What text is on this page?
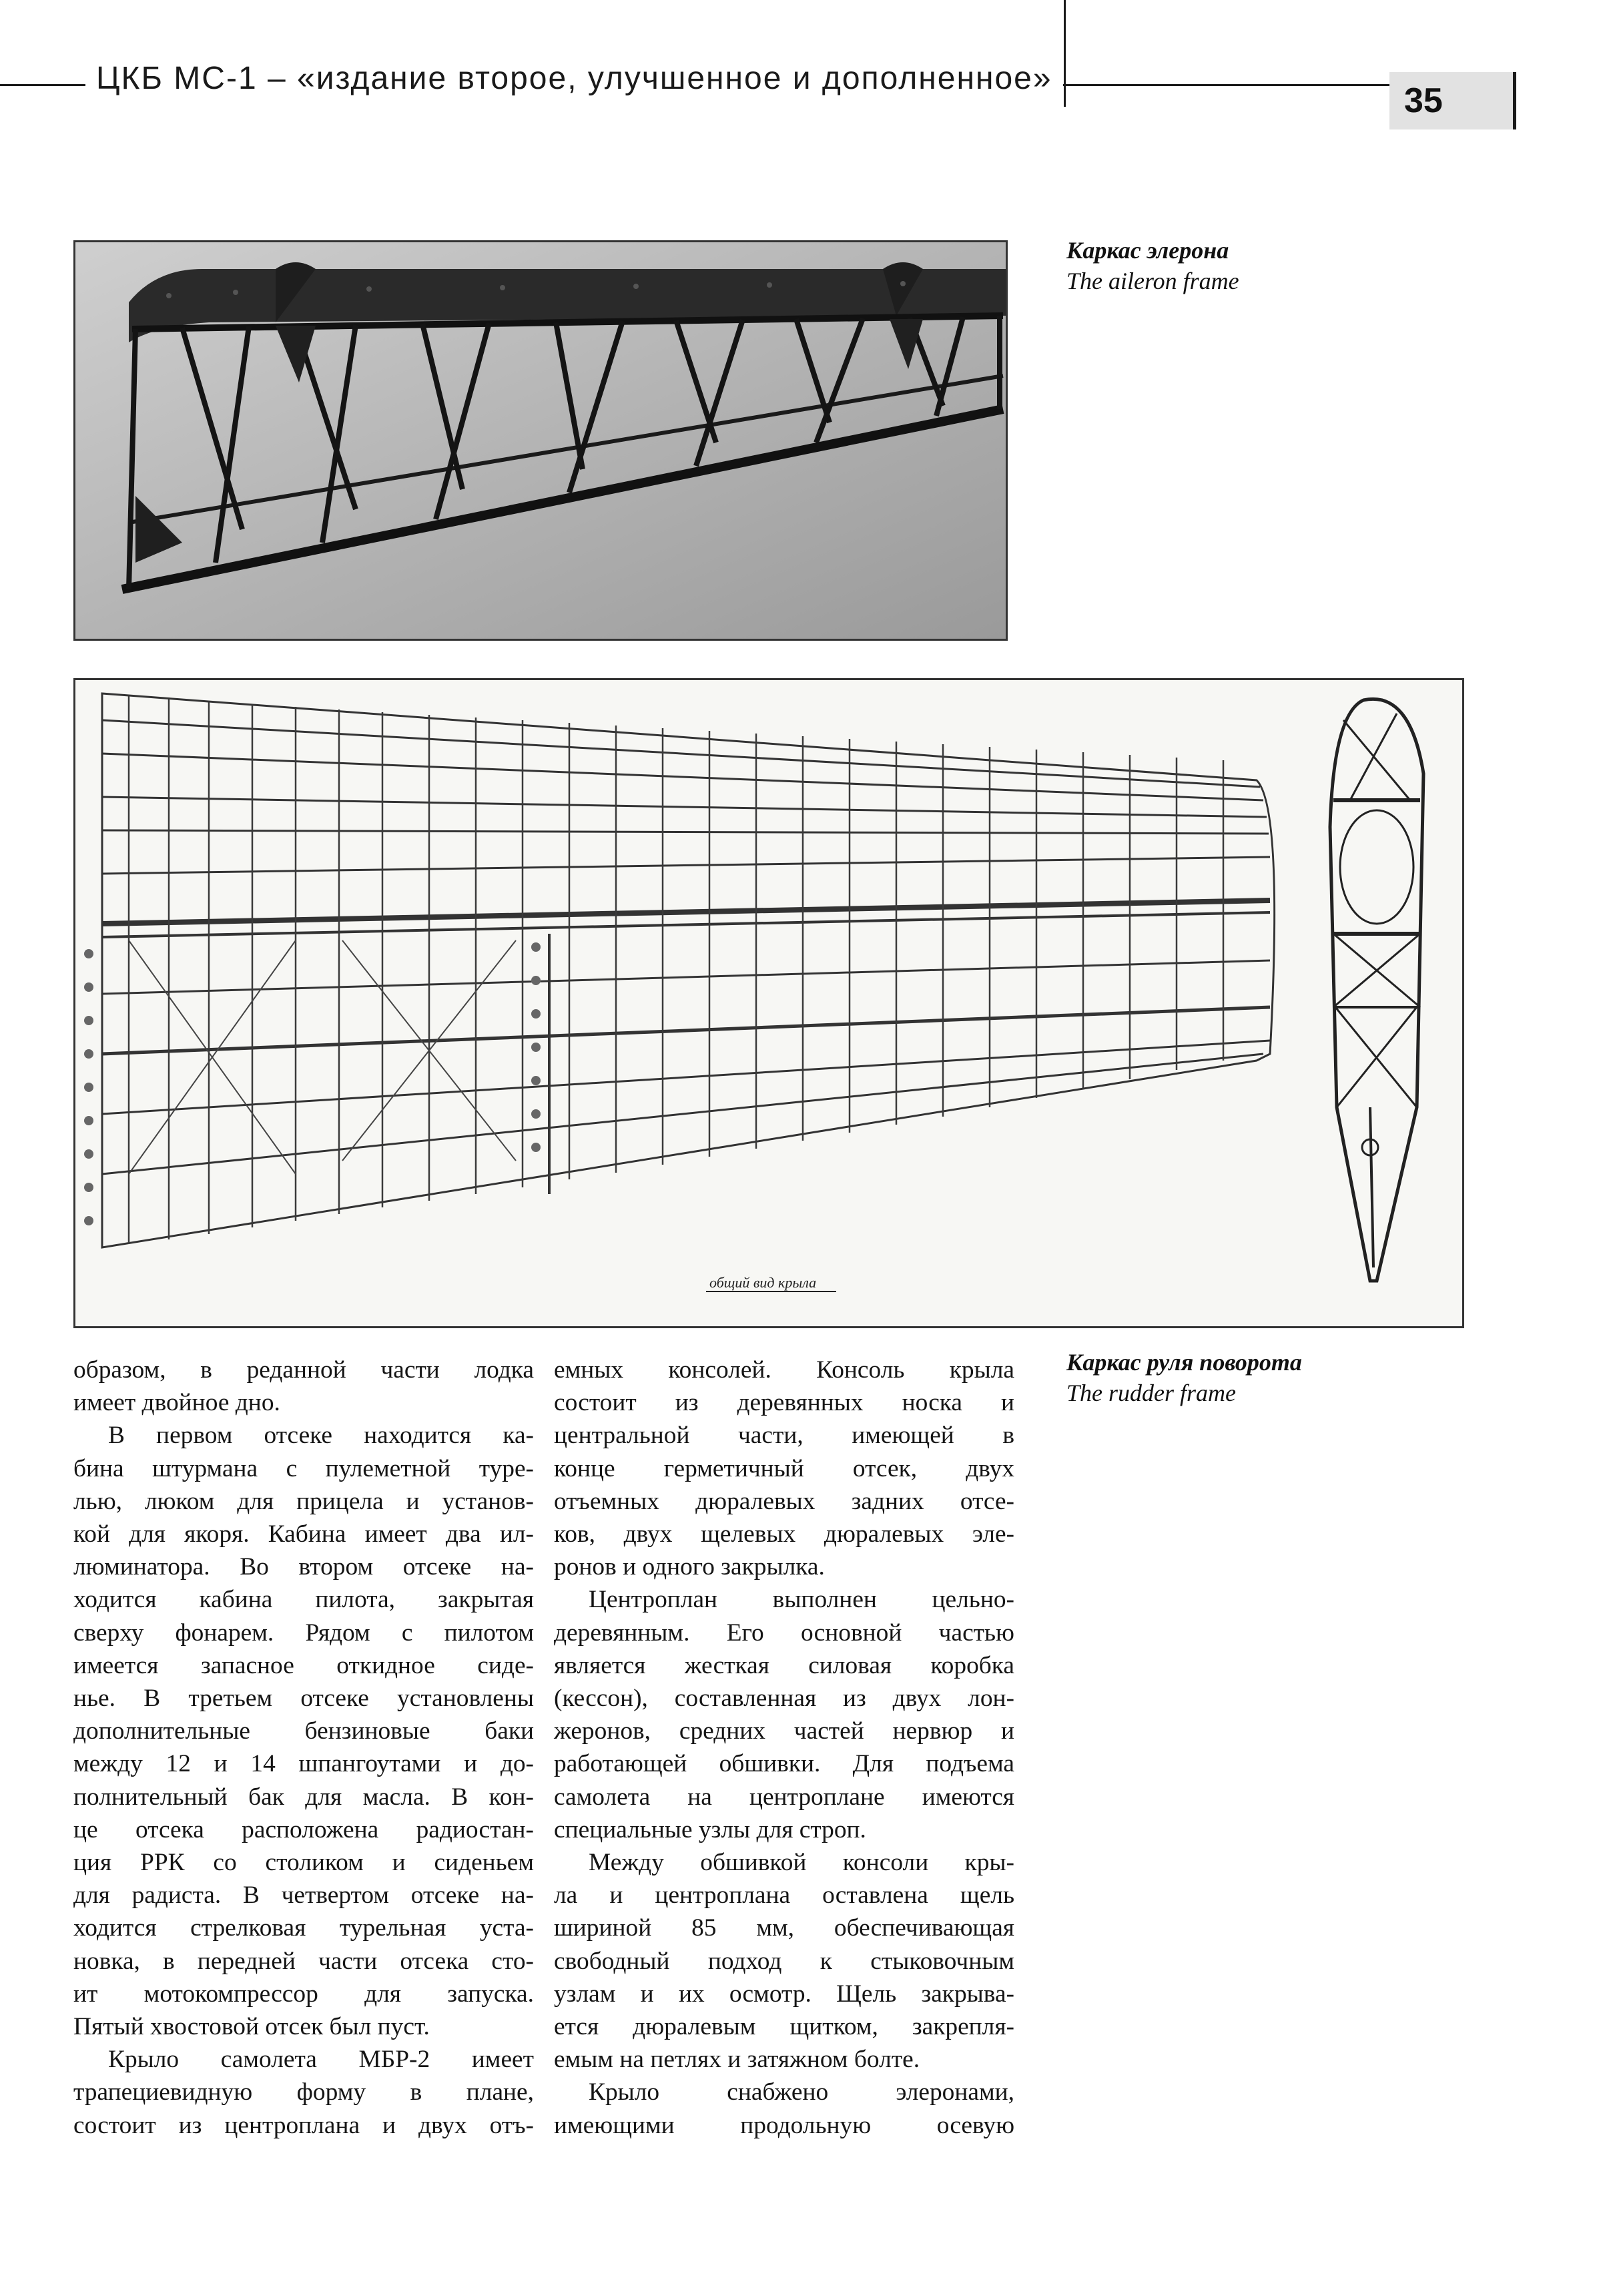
ЦКБ МС-1 – «издание второе, улучшенное и дополненное»
35
Каркас элерона
The aileron frame
общий вид крыла
Каркас руля поворота
The rudder frame
образом, в реданной части лодка
имеет двойное дно.
В первом отсеке находится ка-
бина штурмана с пулеметной туре-
лью, люком для прицела и установ-
кой для якоря. Кабина имеет два ил-
люминатора. Во втором отсеке на-
ходится кабина пилота, закрытая
сверху фонарем. Рядом с пилотом
имеется запасное откидное сиде-
нье. В третьем отсеке установлены
дополнительные бензиновые баки
между 12 и 14 шпангоутами и до-
полнительный бак для масла. В кон-
це отсека расположена радиостан-
ция РРК со столиком и сиденьем
для радиста. В четвертом отсеке на-
ходится стрелковая турельная уста-
новка, в передней части отсека сто-
ит мотокомпрессор для запуска.
Пятый хвостовой отсек был пуст.
Крыло самолета МБР-2 имеет
трапециевидную форму в плане,
состоит из центроплана и двух отъ-
емных консолей. Консоль крыла
состоит из деревянных носка и
центральной части, имеющей в
конце герметичный отсек, двух
отъемных дюралевых задних отсе-
ков, двух щелевых дюралевых эле-
ронов и одного закрылка.
Центроплан выполнен цельно-
деревянным. Его основной частью
является жесткая силовая коробка
(кессон), составленная из двух лон-
жеронов, средних частей нервюр и
работающей обшивки. Для подъема
самолета на центроплане имеются
специальные узлы для строп.
Между обшивкой консоли кры-
ла и центроплана оставлена щель
шириной 85 мм, обеспечивающая
свободный подход к стыковочным
узлам и их осмотр. Щель закрыва-
ется дюралевым щитком, закрепля-
емым на петлях и затяжном болте.
Крыло снабжено элеронами,
имеющими продольную осевую
